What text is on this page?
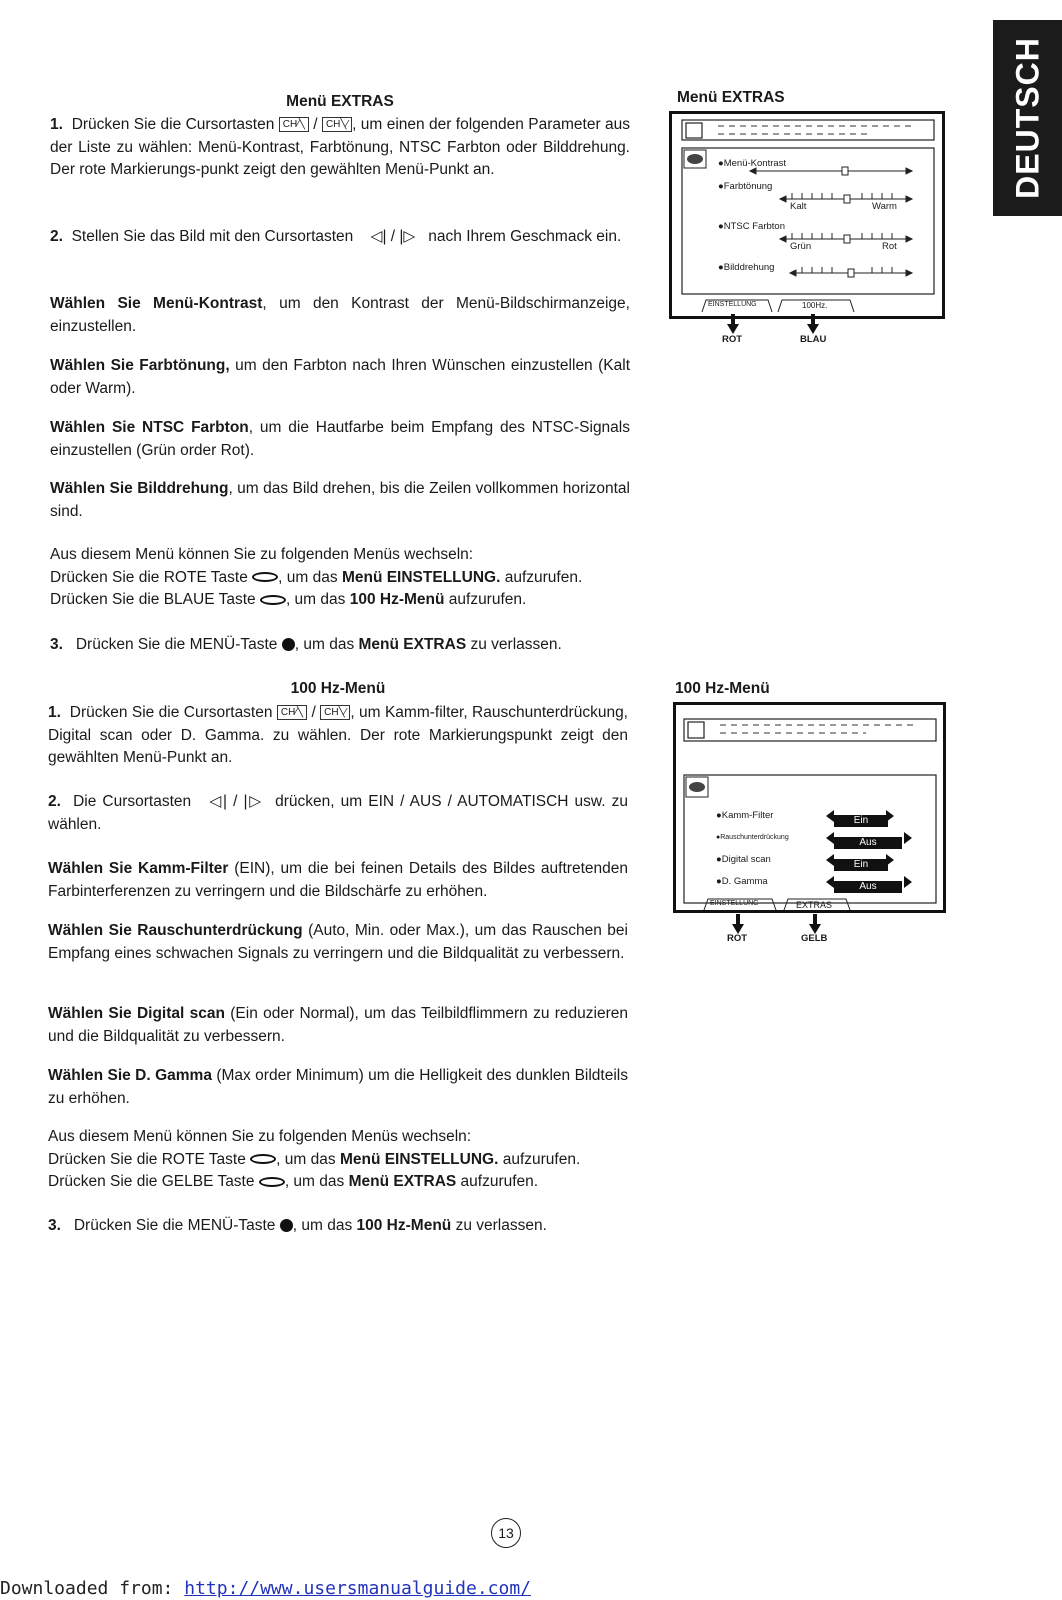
DEUTSCH
Menü EXTRAS
1. Drücken Sie die Cursortasten CH⁄╲ / CH╲⁄ , um einen der folgenden Parameter aus der Liste zu wählen: Menü-Kontrast, Farbtönung, NTSC Farbton oder Bilddrehung. Der rote Markierungs-punkt zeigt den gewählten Menü-Punkt an.
2. Stellen Sie das Bild mit den Cursortasten ◁| / |▷ nach Ihrem Geschmack ein.
Wählen Sie Menü-Kontrast, um den Kontrast der Menü-Bildschirmanzeige, einzustellen.
Wählen Sie Farbtönung, um den Farbton nach Ihren Wünschen einzustellen (Kalt oder Warm).
Wählen Sie NTSC Farbton, um die Hautfarbe beim Empfang des NTSC-Signals einzustellen (Grün order Rot).
Wählen Sie Bilddrehung, um das Bild drehen, bis die Zeilen vollkommen horizontal sind.
Aus diesem Menü können Sie zu folgenden Menüs wechseln:
Drücken Sie die ROTE Taste , um das Menü EINSTELLUNG. aufzurufen.
Drücken Sie die BLAUE Taste , um das 100 Hz-Menü aufzurufen.
3. Drücken Sie die MENÜ-Taste , um das Menü EXTRAS zu verlassen.
100 Hz-Menü
1. Drücken Sie die Cursortasten CH⁄╲ / CH╲⁄ , um Kamm-filter, Rauschunterdrückung, Digital scan oder D. Gamma. zu wählen. Der rote Markierungspunkt zeigt den gewählten Menü-Punkt an.
2. Die Cursortasten ◁| / |▷ drücken, um EIN / AUS / AUTOMATISCH usw. zu wählen.
Wählen Sie Kamm-Filter (EIN), um die bei feinen Details des Bildes auftretenden Farbinterferenzen zu verringern und die Bildschärfe zu erhöhen.
Wählen Sie Rauschunterdrückung (Auto, Min. oder Max.), um das Rauschen bei Empfang eines schwachen Signals zu verringern und die Bildqualität zu verbessern.
Wählen Sie Digital scan (Ein oder Normal), um das Teilbildflimmern zu reduzieren und die Bildqualität zu verbessern.
Wählen Sie D. Gamma (Max order Minimum) um die Helligkeit des dunklen Bildteils zu erhöhen.
Aus diesem Menü können Sie zu folgenden Menüs wechseln:
Drücken Sie die ROTE Taste , um das Menü EINSTELLUNG. aufzurufen.
Drücken Sie die GELBE Taste , um das Menü EXTRAS aufzurufen.
3. Drücken Sie die MENÜ-Taste , um das 100 Hz-Menü zu verlassen.
Menü EXTRAS
●Menü-Kontrast
●Farbtönung
Kalt	Warm
●NTSC Farbton
Grün	Rot
●Bilddrehung
EINSTELLUNG	100Hz.
ROT	BLAU
100 Hz-Menü
●Kamm-Filter	Ein
●Rauschunterdrückung	Aus
●Digital scan	Ein
●D. Gamma	Aus
EINSTELLUNG	EXTRAS
ROT	GELB
13
Downloaded from: http://www.usersmanualguide.com/
